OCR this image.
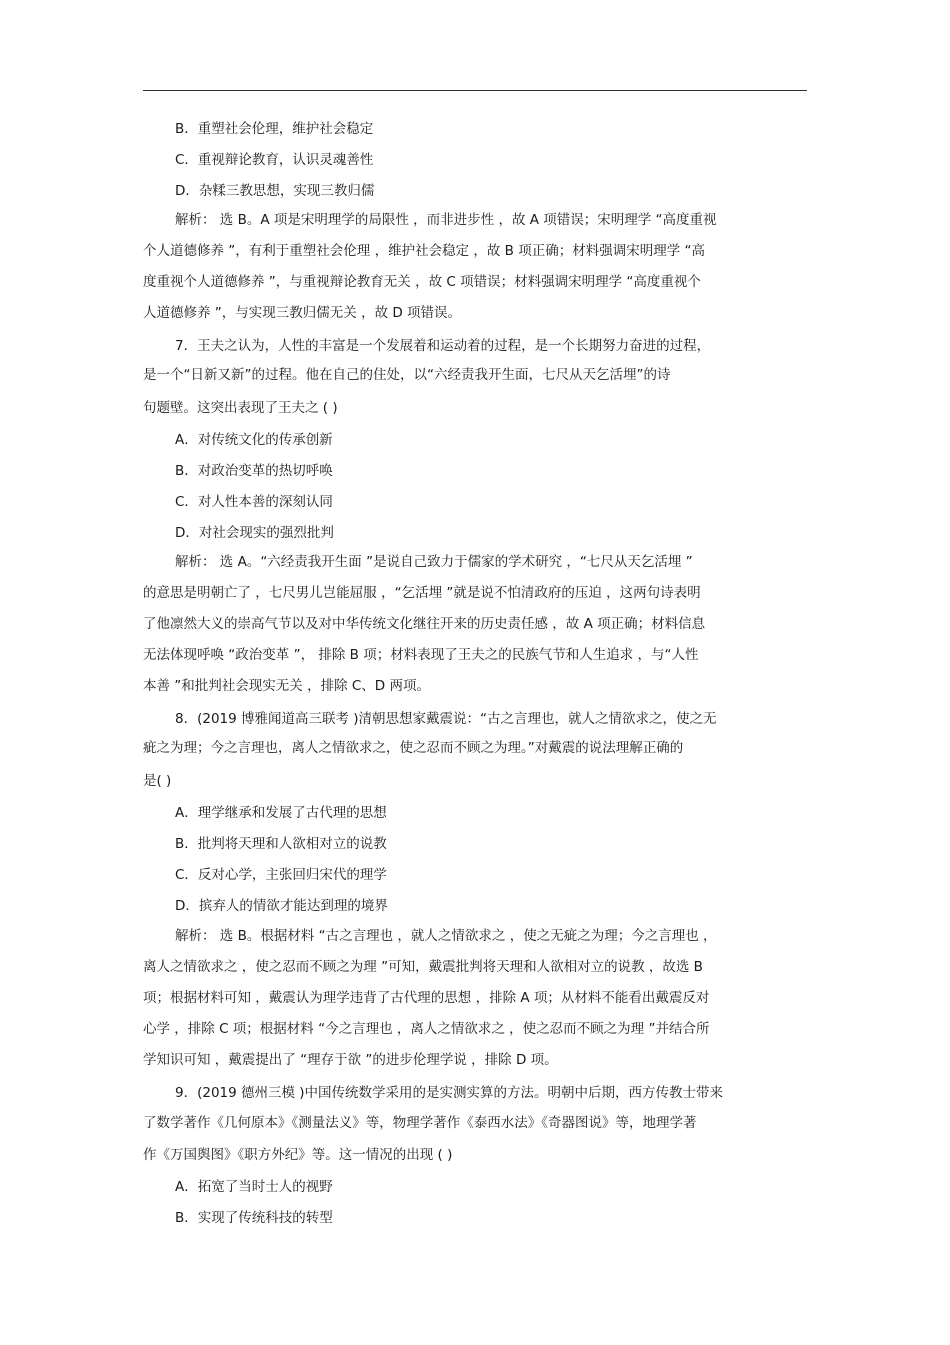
B．重塑社会伦理，维护社会稳定
C．重视辩论教育，认识灵魂善性
D．杂糅三教思想，实现三教归儒
解析： 选 B。A 项是宋明理学的局限性 ，而非进步性 ，故 A 项错误；宋明理学 “高度重视
个人道德修养 ”，有利于重塑社会伦理 ，维护社会稳定 ，故 B 项正确；材料强调宋明理学 “高
度重视个人道德修养 ”，与重视辩论教育无关 ，故 C 项错误；材料强调宋明理学 “高度重视个
人道德修养 ”，与实现三教归儒无关 ，故 D 项错误。
7．王夫之认为，人性的丰富是一个发展着和运动着的过程，是一个长期努力奋进的过程，
是一个“日新又新”的过程。他在自己的住处，以“六经责我开生面，七尺从天乞活埋”的诗
句题壁。这突出表现了王夫之 ( )
A．对传统文化的传承创新
B．对政治变革的热切呼唤
C．对人性本善的深刻认同
D．对社会现实的强烈批判
解析： 选 A。“六经责我开生面 ”是说自己致力于儒家的学术研究 ，“七尺从天乞活埋 ”
的意思是明朝亡了 ，七尺男儿岂能屈服 ，“乞活埋 ”就是说不怕清政府的压迫 ，这两句诗表明
了他凛然大义的崇高气节以及对中华传统文化继往开来的历史责任感 ，故 A 项正确；材料信息
无法体现呼唤 “政治变革 ”， 排除 B 项；材料表现了王夫之的民族气节和人生追求 ，与“人性
本善 ”和批判社会现实无关 ，排除 C、D 两项。
8．(2019 博雅闻道高三联考 )清朝思想家戴震说：“古之言理也，就人之情欲求之，使之无
疵之为理；今之言理也，离人之情欲求之，使之忍而不顾之为理。”对戴震的说法理解正确的
是( )
A．理学继承和发展了古代理的思想
B．批判将天理和人欲相对立的说教
C．反对心学，主张回归宋代的理学
D．摈弃人的情欲才能达到理的境界
解析： 选 B。根据材料 “古之言理也 ，就人之情欲求之 ，使之无疵之为理；今之言理也 ，
离人之情欲求之 ，使之忍而不顾之为理 ”可知，戴震批判将天理和人欲相对立的说教 ，故选 B
项；根据材料可知 ，戴震认为理学违背了古代理的思想 ，排除 A 项；从材料不能看出戴震反对
心学 ，排除 C 项；根据材料 “今之言理也 ，离人之情欲求之 ，使之忍而不顾之为理 ”并结合所
学知识可知 ，戴震提出了 “理存于欲 ”的进步伦理学说 ，排除 D 项。
9．(2019 德州三模 )中国传统数学采用的是实测实算的方法。明朝中后期，西方传教士带来
了数学著作《几何原本》《测量法义》等，物理学著作《泰西水法》《奇器图说》等，地理学著
作《万国舆图》《职方外纪》等。这一情况的出现 ( )
A．拓宽了当时士人的视野
B．实现了传统科技的转型
